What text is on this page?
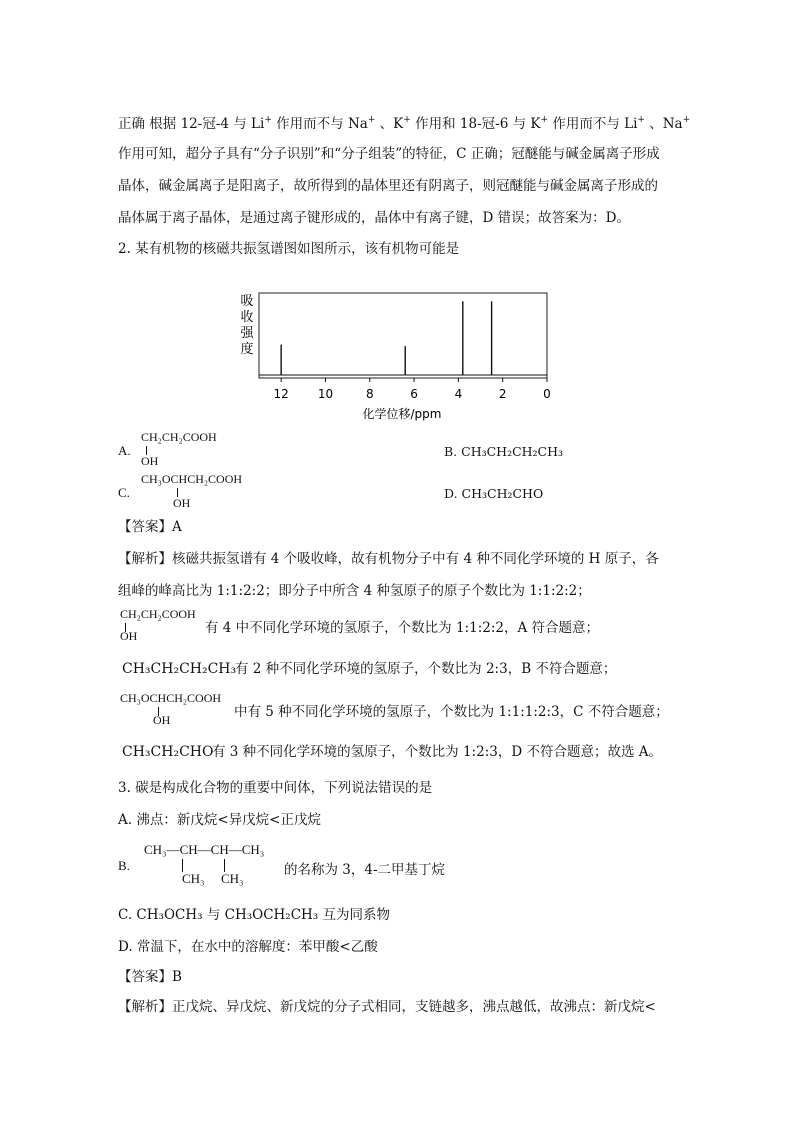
正确 根据 12-冠-4 与 Li+ 作用而不与 Na+ 、K+ 作用和 18-冠-6 与 K+ 作用而不与 Li+ 、Na+
作用可知，超分子具有“分子识别”和“分子组装”的特征，C 正确；冠醚能与碱金属离子形成
晶体，碱金属离子是阳离子，故所得到的晶体里还有阴离子，则冠醚能与碱金属离子形成的
晶体属于离子晶体，是通过离子键形成的，晶体中有离子键，D 错误；故答案为：D。
2. 某有机物的核磁共振氢谱图如图所示，该有机物可能是
吸
收
强
度
12 10	8	6	4	2	0
化学位移/ppm
A.
CH₂CH₂COOH
OH
B. CH₃CH₂CH₂CH₃
C.
CH₃OCHCH₂COOH
OH
D. CH₃CH₂CHO
【答案】A
【解析】核磁共振氢谱有 4 个吸收峰，故有机物分子中有 4 种不同化学环境的 H 原子，各
组峰的峰高比为 1:1:2:2；即分子中所含 4 种氢原子的原子个数比为 1:1:2:2；
CH₂CH₂COOH
OH	有 4 中不同化学环境的氢原子，个数比为 1:1:2:2，A 符合题意；
CH₃CH₂CH₂CH₃
有 2 种不同化学环境的氢原子，个数比为 2:3，B 不符合题意；
CH₃OCHCH₂COOH
OH	中有 5 种不同化学环境的氢原子，个数比为 1:1:1:2:3，C 不符合题意；
CH₃CH₂CHO
有 3 种不同化学环境的氢原子，个数比为 1:2:3，D 不符合题意；故选 A。
3. 碳是构成化合物的重要中间体，下列说法错误的是
A. 沸点：新戊烷<异戊烷<正戊烷
B.
CH₃—CH—CH—CH₃
CH₃ CH₃
的名称为 3，4-二甲基丁烷
C. CH₃OCH₃ 与 CH₃OCH₂CH₃ 互为同系物
D. 常温下，在水中的溶解度：苯甲酸<乙酸
【答案】B
【解析】正戊烷、异戊烷、新戊烷的分子式相同，支链越多，沸点越低，故沸点：新戊烷<
